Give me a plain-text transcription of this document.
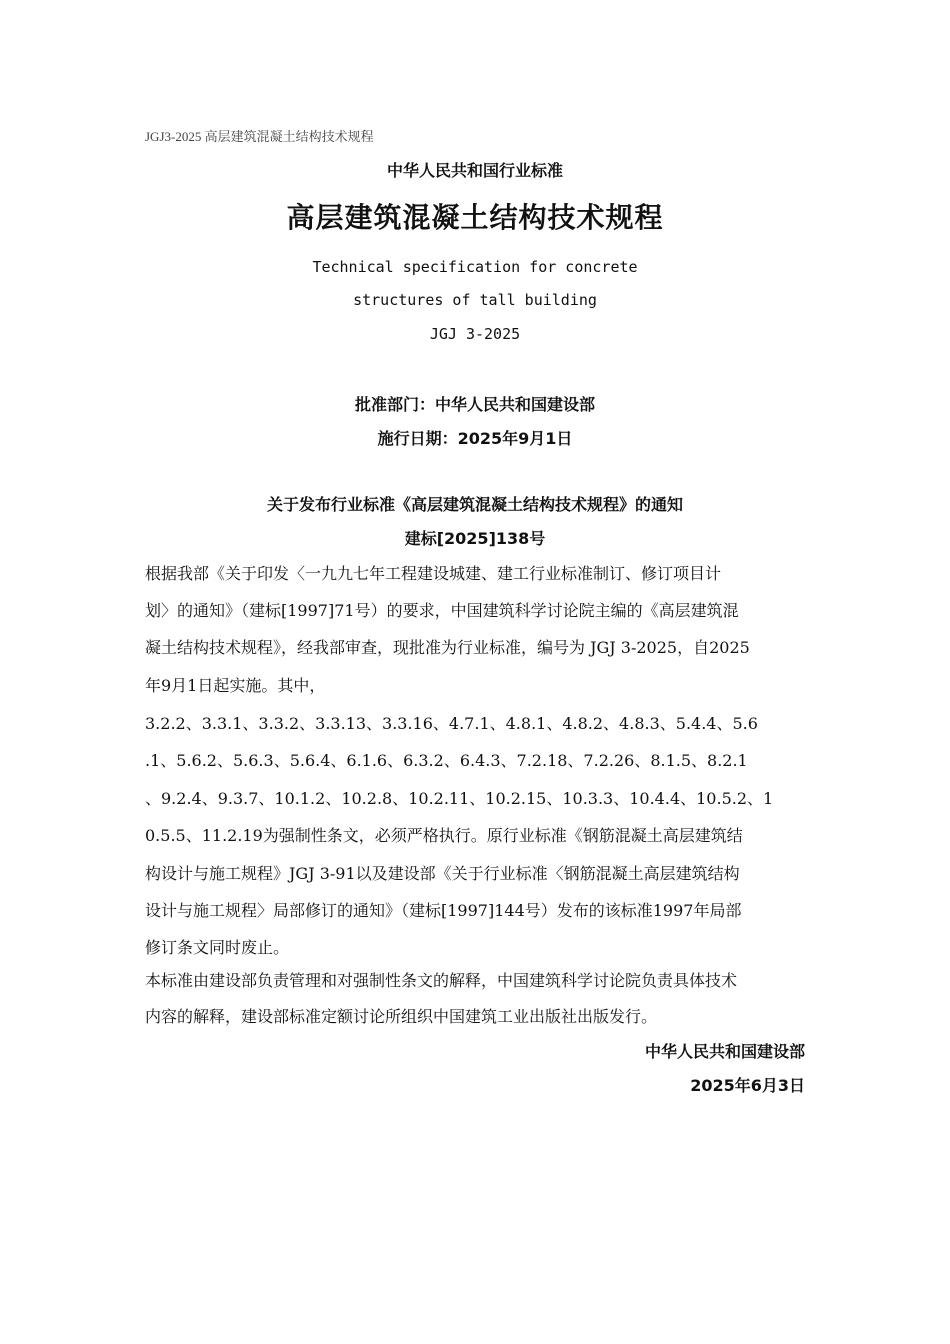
JGJ3-2025 高层建筑混凝土结构技术规程
中华人民共和国行业标准
高层建筑混凝土结构技术规程
Technical specification for concrete
structures of tall building
JGJ 3-2025
批准部门：中华人民共和国建设部
施行日期：2025年9月1日
关于发布行业标准《高层建筑混凝土结构技术规程》的通知
建标[2025]138号
根据我部《关于印发〈一九九七年工程建设城建、建工行业标准制订、修订项目计
划〉的通知》（建标[1997]71号）的要求，中国建筑科学讨论院主编的《高层建筑混
凝土结构技术规程》，经我部审查，现批准为行业标准，编号为 JGJ 3-2025，自2025
年9月1日起实施。其中，
3.2.2、3.3.1、3.3.2、3.3.13、3.3.16、4.7.1、4.8.1、4.8.2、4.8.3、5.4.4、5.6
.1、5.6.2、5.6.3、5.6.4、6.1.6、6.3.2、6.4.3、7.2.18、7.2.26、8.1.5、8.2.1
、9.2.4、9.3.7、10.1.2、10.2.8、10.2.11、10.2.15、10.3.3、10.4.4、10.5.2、1
0.5.5、11.2.19为强制性条文，必须严格执行。原行业标准《钢筋混凝土高层建筑结
构设计与施工规程》JGJ 3-91以及建设部《关于行业标准〈钢筋混凝土高层建筑结构
设计与施工规程〉局部修订的通知》（建标[1997]144号）发布的该标准1997年局部
修订条文同时废止。
本标准由建设部负责管理和对强制性条文的解释，中国建筑科学讨论院负责具体技术
内容的解释，建设部标准定额讨论所组织中国建筑工业出版社出版发行。
中华人民共和国建设部
2025年6月3日
